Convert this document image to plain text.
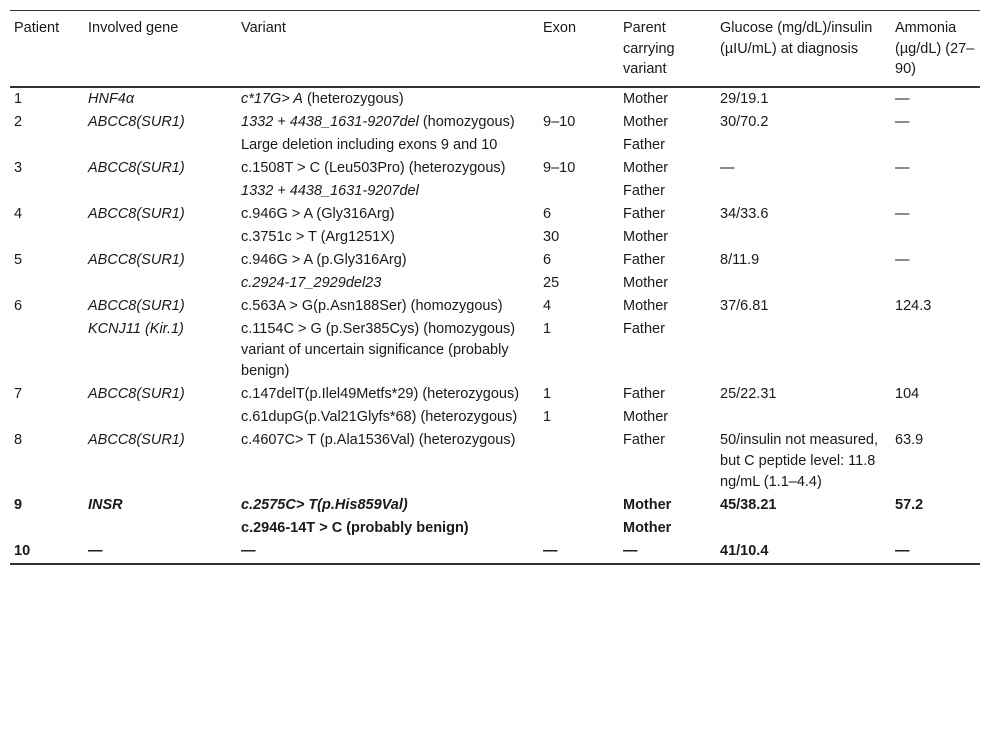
Patient	Involved gene	Variant	Exon	Parent carrying variant	Glucose (mg/dL)/insulin (µIU/mL) at diagnosis	Ammonia (µg/dL) (27–90)
1	HNF4α	c*17G> A (heterozygous)		Mother	29/19.1	—
2	ABCC8(SUR1)	1332 + 4438_1631-9207del (homozygous)	9–10	Mother	30/70.2	—
		Large deletion including exons 9 and 10		Father		
3	ABCC8(SUR1)	c.1508T > C (Leu503Pro) (heterozygous)	9–10	Mother	—	—
		1332 + 4438_1631-9207del		Father		
4	ABCC8(SUR1)	c.946G > A (Gly316Arg)	6	Father	34/33.6	—
		c.3751c > T (Arg1251X)	30	Mother		
5	ABCC8(SUR1)	c.946G > A (p.Gly316Arg)	6	Father	8/11.9	—
		c.2924-17_2929del23	25	Mother		
6	ABCC8(SUR1)	c.563A > G(p.Asn188Ser) (homozygous)	4	Mother	37/6.81	124.3
	KCNJ11 (Kir.1)	c.1154C > G (p.Ser385Cys) (homozygous) variant of uncertain significance (probably benign)	1	Father		
7	ABCC8(SUR1)	c.147delT(p.Ilel49Metfs*29) (heterozygous)	1	Father	25/22.31	104
		c.61dupG(p.Val21Glyfs*68) (heterozygous)	1	Mother		
8	ABCC8(SUR1)	c.4607C> T (p.Ala1536Val) (heterozygous)		Father	50/insulin not measured, but C peptide level: 11.8 ng/mL (1.1–4.4)	63.9
9	INSR	c.2575C> T(p.His859Val)		Mother	45/38.21	57.2
		c.2946-14T > C (probably benign)		Mother		
10	—	—	—	—	41/10.4	—
